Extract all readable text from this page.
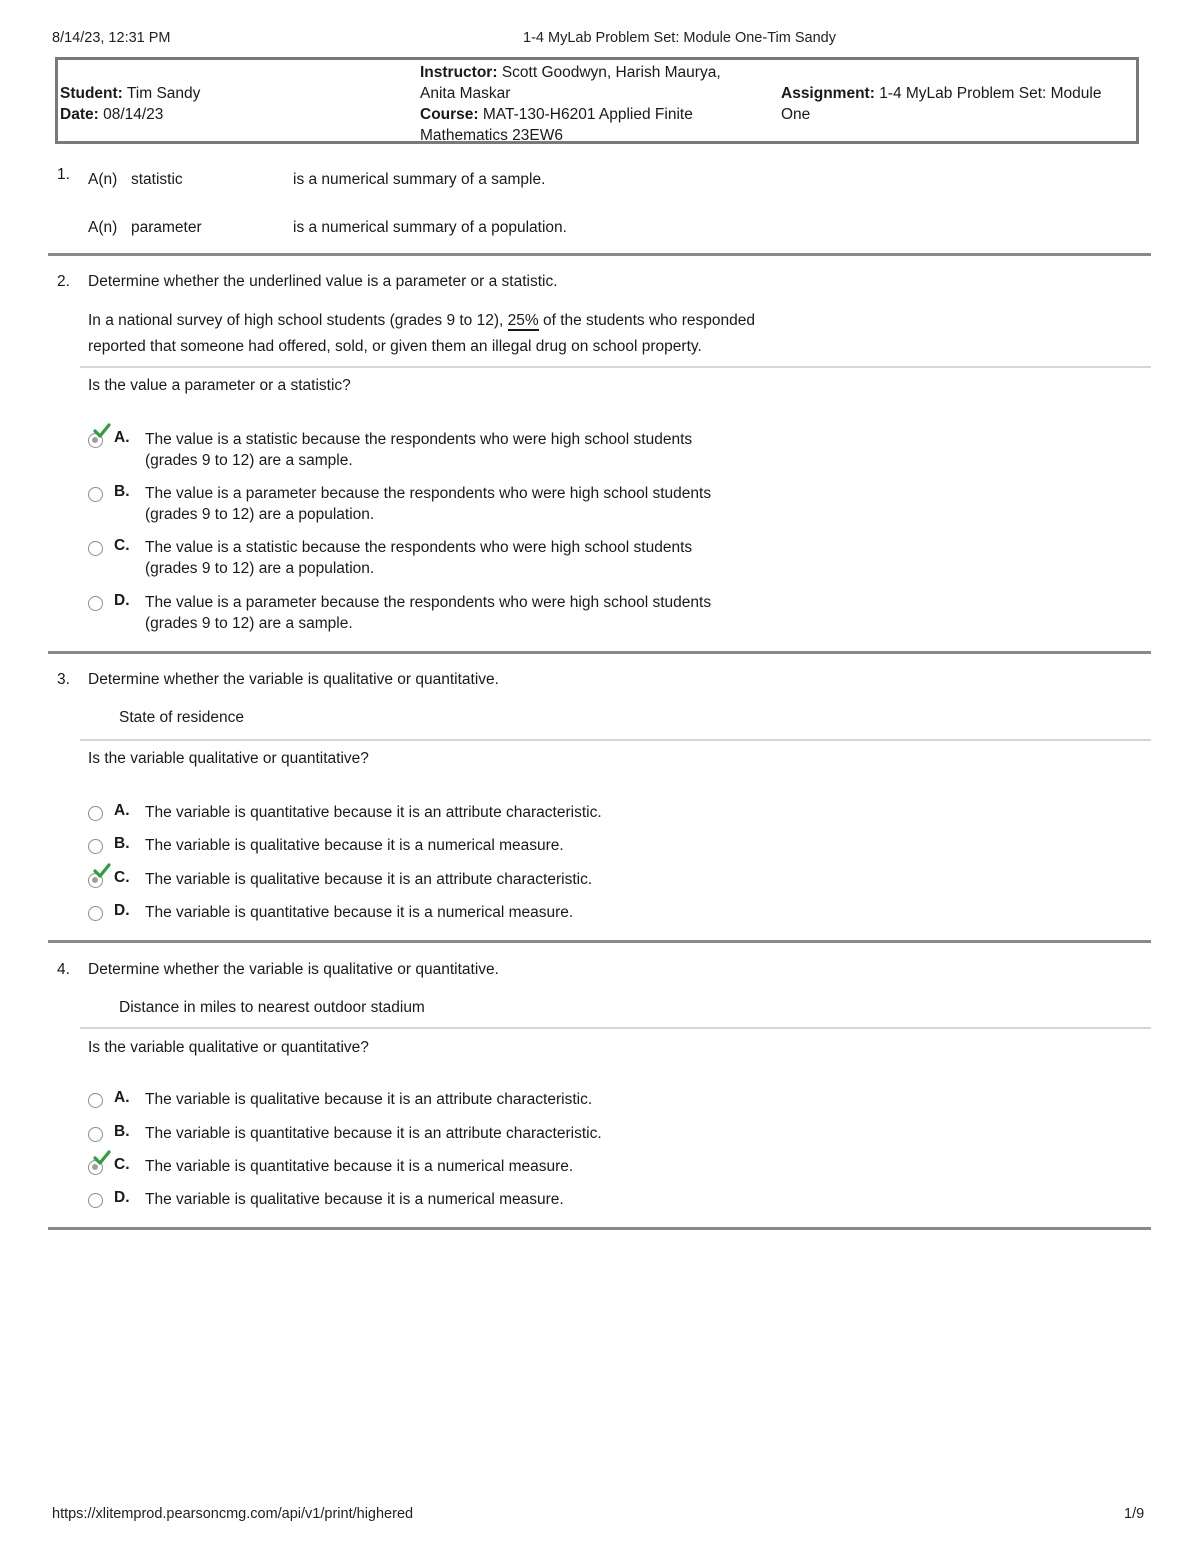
8/14/23, 12:31 PM	1-4 MyLab Problem Set: Module One-Tim Sandy
Student: Tim Sandy
Date: 08/14/23
Instructor: Scott Goodwyn, Harish Maurya,
Anita Maskar
Course: MAT-130-H6201 Applied Finite
Mathematics 23EW6
Assignment: 1-4 MyLab Problem Set: Module
One
1. A(n) statistic	is a numerical summary of a sample.
A(n) parameter	is a numerical summary of a population.
2. Determine whether the underlined value is a parameter or a statistic.
In a national survey of high school students (grades 9 to 12), 25% of the students who responded
reported that someone had offered, sold, or given them an illegal drug on school property.
Is the value a parameter or a statistic?
A. The value is a statistic because the respondents who were high school students
(grades 9 to 12) are a sample.
B. The value is a parameter because the respondents who were high school students
(grades 9 to 12) are a population.
C. The value is a statistic because the respondents who were high school students
(grades 9 to 12) are a population.
D. The value is a parameter because the respondents who were high school students
(grades 9 to 12) are a sample.
3. Determine whether the variable is qualitative or quantitative.
State of residence
Is the variable qualitative or quantitative?
A. The variable is quantitative because it is an attribute characteristic.
B. The variable is qualitative because it is a numerical measure.
C. The variable is qualitative because it is an attribute characteristic.
D. The variable is quantitative because it is a numerical measure.
4. Determine whether the variable is qualitative or quantitative.
Distance in miles to nearest outdoor stadium
Is the variable qualitative or quantitative?
A. The variable is qualitative because it is an attribute characteristic.
B. The variable is quantitative because it is an attribute characteristic.
C. The variable is quantitative because it is a numerical measure.
D. The variable is qualitative because it is a numerical measure.
https://xlitemprod.pearsoncmg.com/api/v1/print/highered	1/9
